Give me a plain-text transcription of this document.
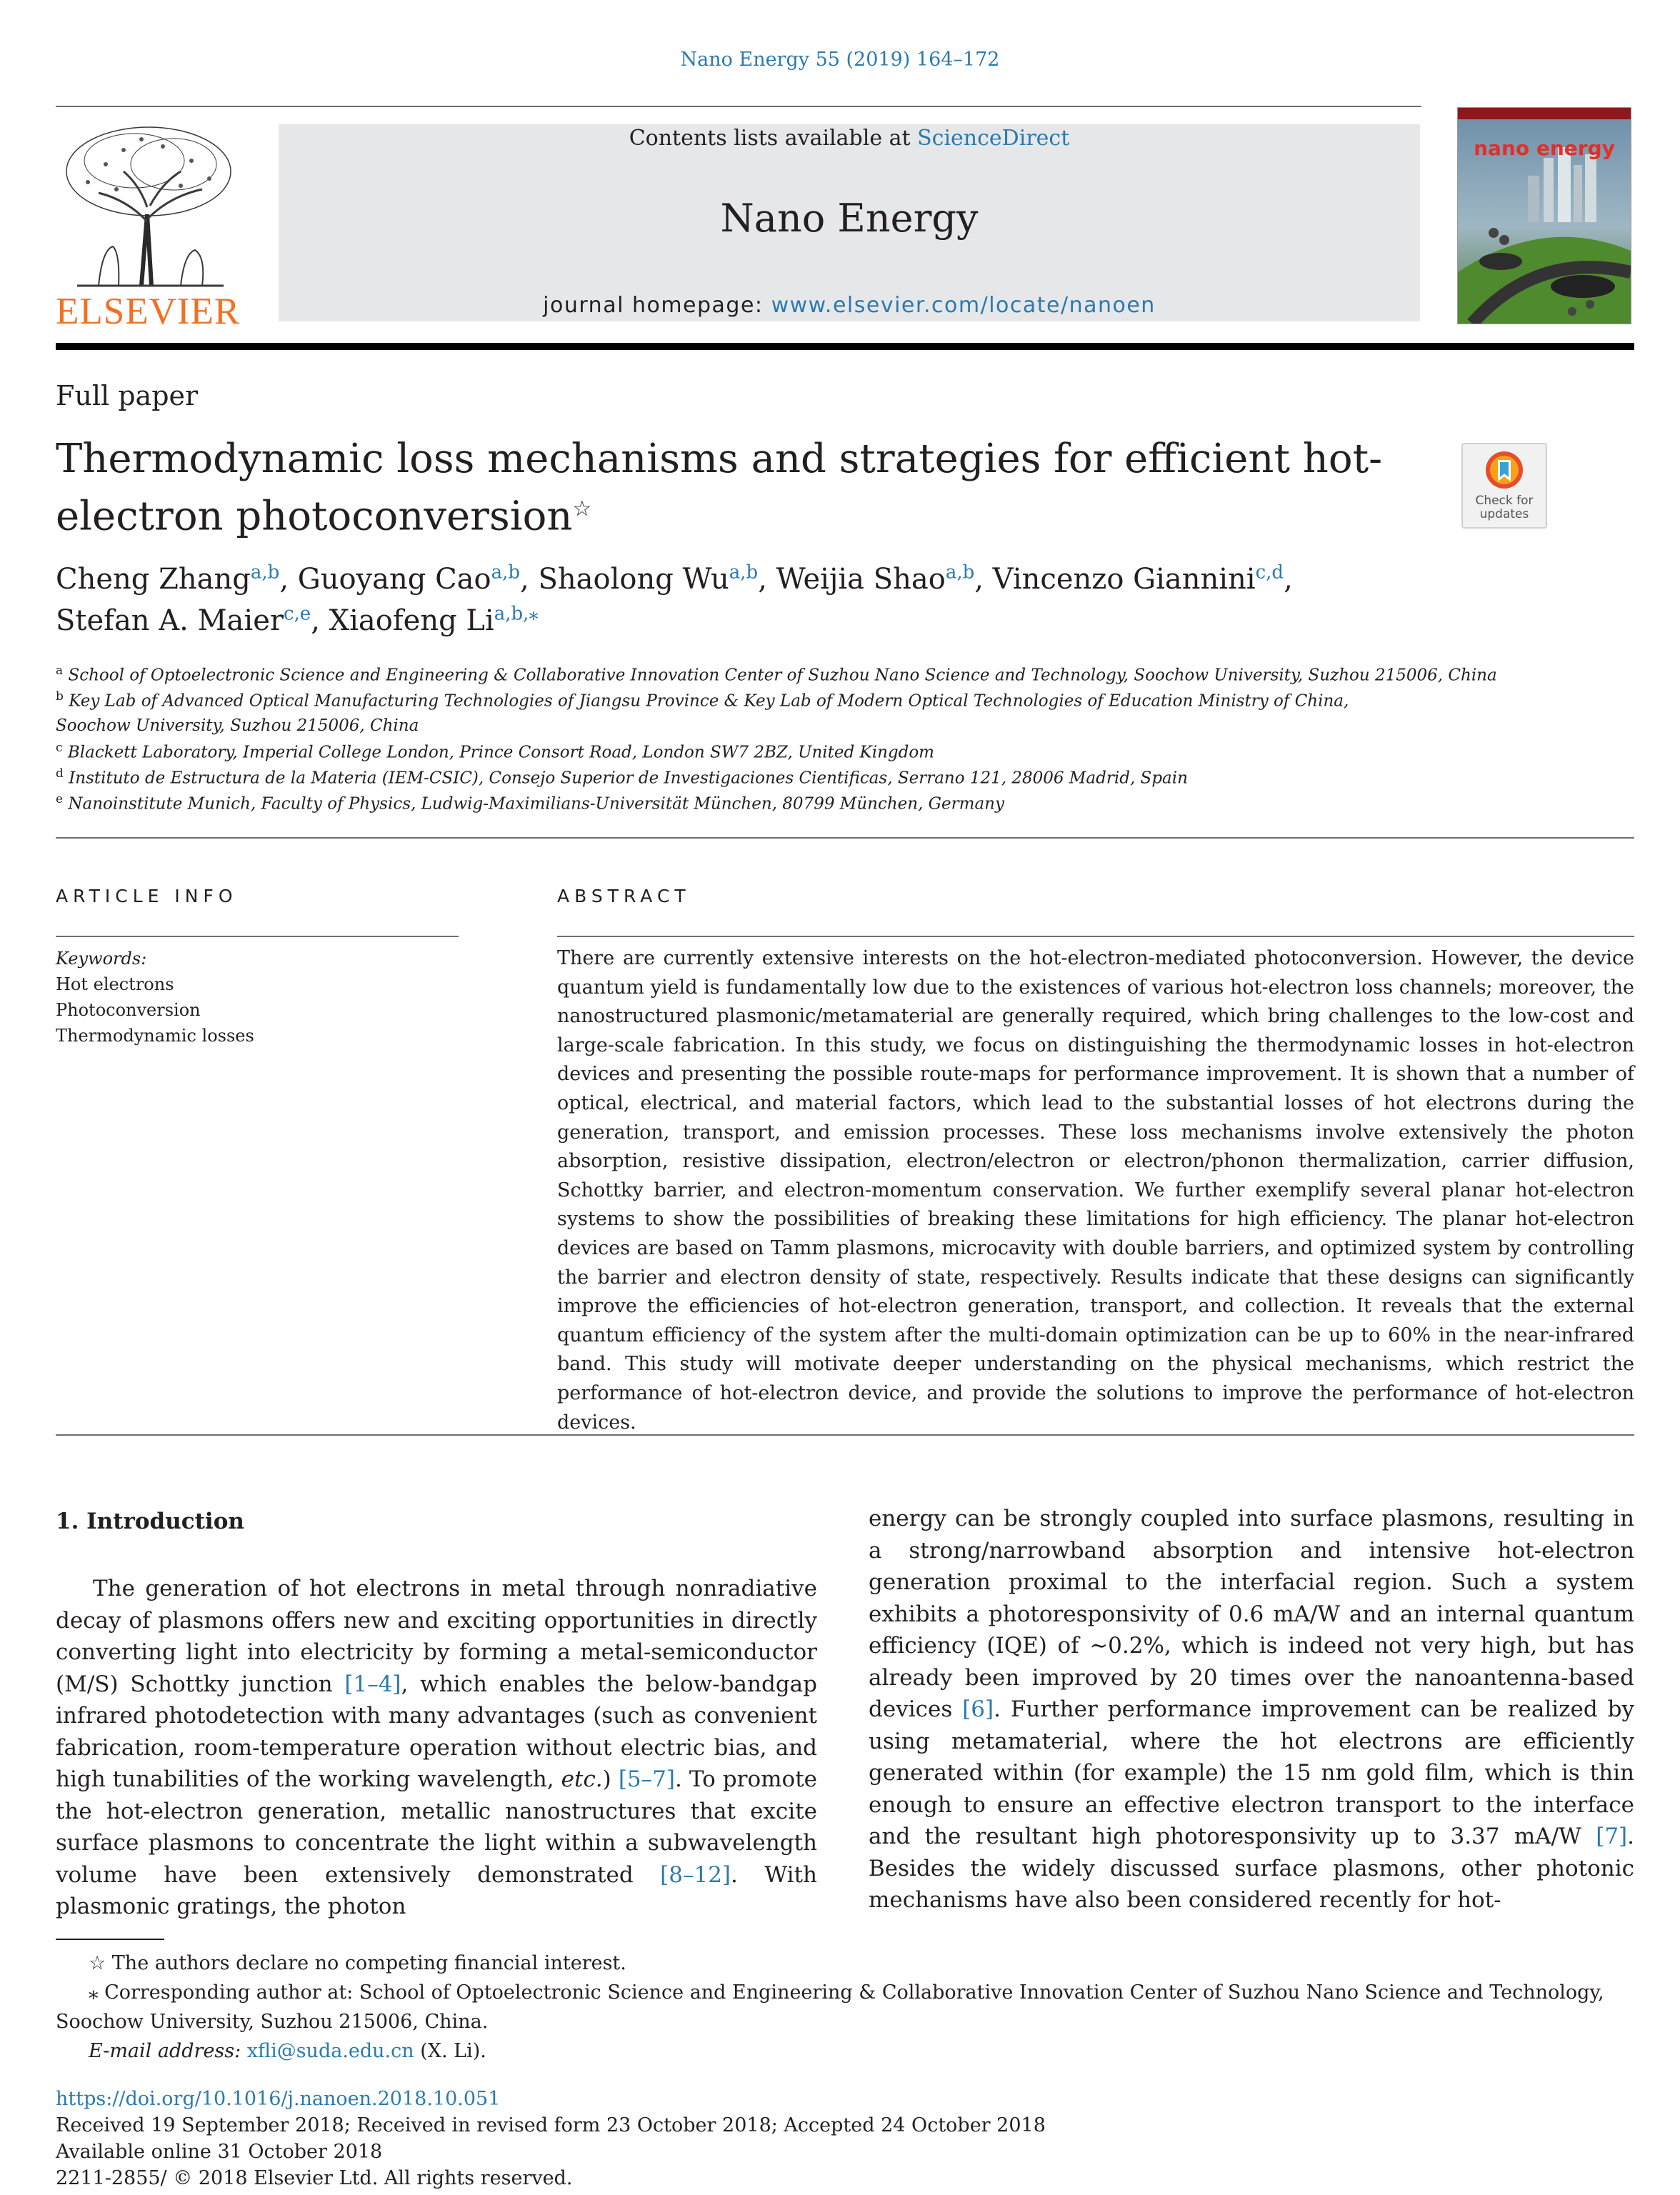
Nano Energy 55 (2019) 164–172
ELSEVIER
Contents lists available at ScienceDirect
Nano Energy
journal homepage: www.elsevier.com/locate/nanoen
nano energy
Full paper
Thermodynamic loss mechanisms and strategies for efficient hot-electron photoconversion☆	Check for
updates
Cheng Zhang$^{a,b}$, Guoyang Cao$^{a,b}$, Shaolong Wu$^{a,b}$, Weijia Shao$^{a,b}$, Vincenzo Giannini$^{c,d}$,
Stefan A. Maier$^{c,e}$, Xiaofeng $Li^{a,b,⁎}$
$^a$ School of Optoelectronic Science and Engineering & Collaborative Innovation Center of Suzhou Nano Science and Technology, Soochow University, Suzhou 215006, China
$^b$ Key Lab of Advanced Optical Manufacturing Technologies of Jiangsu Province & Key Lab of Modern Optical Technologies of Education Ministry of China, Soochow University, Suzhou 215006, China
$^c$ Blackett Laboratory, Imperial College London, Prince Consort Road, London SW7 2BZ, United Kingdom
$^d$ Instituto de Estructura de la Materia (IEM-CSIC), Consejo Superior de Investigaciones Cientificas, Serrano 121, 28006 Madrid, Spain
$^e$ Nanoinstitute Munich, Faculty of Physics, Ludwig-Maximilians-Universität München, 80799 München, Germany
ARTICLE INFO
Keywords:
Hot electrons
Photoconversion
Thermodynamic losses
ABSTRACT
There are currently extensive interests on the hot-electron-mediated photoconversion. However, the device quantum yield is fundamentally low due to the existences of various hot-electron loss channels; moreover, the nanostructured plasmonic/metamaterial are generally required, which bring challenges to the low-cost and large-scale fabrication. In this study, we focus on distinguishing the thermodynamic losses in hot-electron devices and presenting the possible route-maps for performance improvement. It is shown that a number of optical, electrical, and material factors, which lead to the substantial losses of hot electrons during the generation, transport, and emission processes. These loss mechanisms involve extensively the photon absorption, resistive dissipation, electron/electron or electron/phonon thermalization, carrier diffusion, Schottky barrier, and electron-momentum conservation. We further exemplify several planar hot-electron systems to show the possibilities of breaking these limitations for high efficiency. The planar hot-electron devices are based on Tamm plasmons, microcavity with double barriers, and optimized system by controlling the barrier and electron density of state, respectively. Results indicate that these designs can significantly improve the efficiencies of hot-electron generation, transport, and collection. It reveals that the external quantum efficiency of the system after the multi-domain optimization can be up to 60% in the near-infrared band. This study will motivate deeper understanding on the physical mechanisms, which restrict the performance of hot-electron device, and provide the solutions to improve the performance of hot-electron devices.
1. Introduction
The generation of hot electrons in metal through nonradiative decay of plasmons offers new and exciting opportunities in directly converting light into electricity by forming a metal-semiconductor (M/S) Schottky junction [1–4], which enables the below-bandgap infrared photodetection with many advantages (such as convenient fabrication, room-temperature operation without electric bias, and high tunabilities of the working wavelength, etc.) [5–7]. To promote the hot-electron generation, metallic nanostructures that excite surface plasmons to concentrate the light within a subwavelength volume have been extensively demonstrated [8–12]. With plasmonic gratings, the photon
energy can be strongly coupled into surface plasmons, resulting in a strong/narrowband absorption and intensive hot-electron generation proximal to the interfacial region. Such a system exhibits a photoresponsivity of 0.6 mA/W and an internal quantum efficiency (IQE) of ∼0.2%, which is indeed not very high, but has already been improved by 20 times over the nanoantenna-based devices [6]. Further performance improvement can be realized by using metamaterial, where the hot electrons are efficiently generated within (for example) the 15 nm gold film, which is thin enough to ensure an effective electron transport to the interface and the resultant high photoresponsivity up to 3.37 mA/W [7]. Besides the widely discussed surface plasmons, other photonic mechanisms have also been considered recently for hot-
☆ The authors declare no competing financial interest.
⁎ Corresponding author at: School of Optoelectronic Science and Engineering & Collaborative Innovation Center of Suzhou Nano Science and Technology, Soochow University, Suzhou 215006, China.
E-mail address: xfli@suda.edu.cn (X. Li).
https://doi.org/10.1016/j.nanoen.2018.10.051
Received 19 September 2018; Received in revised form 23 October 2018; Accepted 24 October 2018
Available online 31 October 2018
2211-2855/ © 2018 Elsevier Ltd. All rights reserved.
